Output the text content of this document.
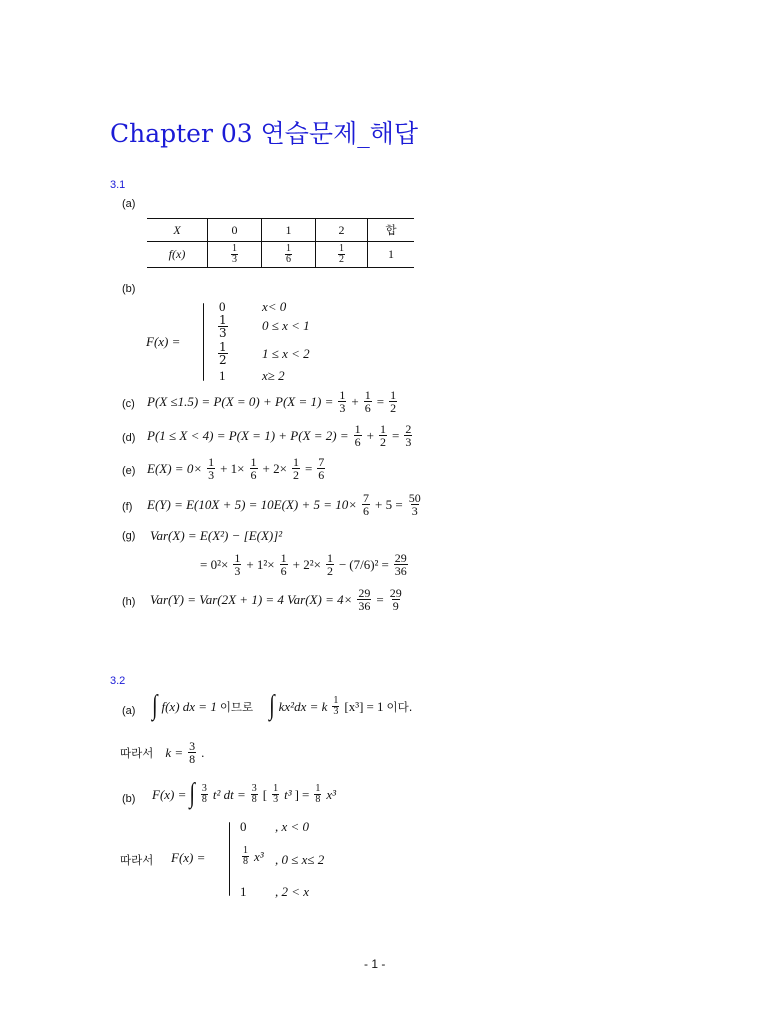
Chapter 03 연습문제_해답
3.1
(a)
X	0	1	2	합
f(x)	$\frac{1}{3}$	$\frac{1}{6}$	$\frac{1}{2}$	1
(b)
F(x) =
0	x< 0
$\frac{1}{3}$	0 ≤ x < 1
$\frac{1}{2}$	1 ≤ x < 2
1	x≥ 2
(c) $P(X \le 1.5) = P(X = 0) + P(X = 1) = \frac{1}{3} + \frac{1}{6} = \frac{1}{2}$
(d) $P(1 \le X < 4) = P(X = 1) + P(X = 2) = \frac{1}{6} + \frac{1}{2} = \frac{2}{3}$
(e) $E(X) = 0\times \frac{1}{3} + 1\times \frac{1}{6} + 2\times \frac{1}{2} = \frac{7}{6}$
(f) $E(Y) = E(10X + 5) = 10E(X) + 5 = 10\times \frac{7}{6} + 5 = \frac{50}{3}$
(g) Var(X) = E(X²) − [E(X)]²
= $0^2\times \frac{1}{3} + 1^2\times \frac{1}{6} + 2^2\times \frac{1}{2} - (7/6)^2 = \frac{29}{36}$
(h) Var(Y) = Var(2X + 1) = 4 $Var(X) = 4\times \frac{29}{36} = \frac{29}{9}$
3.2
(a) ∫ f(x) dx = 1 이므로 ∫ kx²dx = k $\frac{1}{3} [x^3] = 1$ 이다.
따라서 $k = \frac{3}{8}$ .
(b) F(x) = ∫ $\frac{3}{8} t^2$ dt = $\frac{3}{8}$ [ $\frac{1}{3} t^3$ ] = $\frac{1}{8} x^3$
따라서 F(x) =
0 , x < 0
$\frac{1}{8} x^3$ , 0 ≤ x≤ 2
1 , 2 < x
- 1 -
